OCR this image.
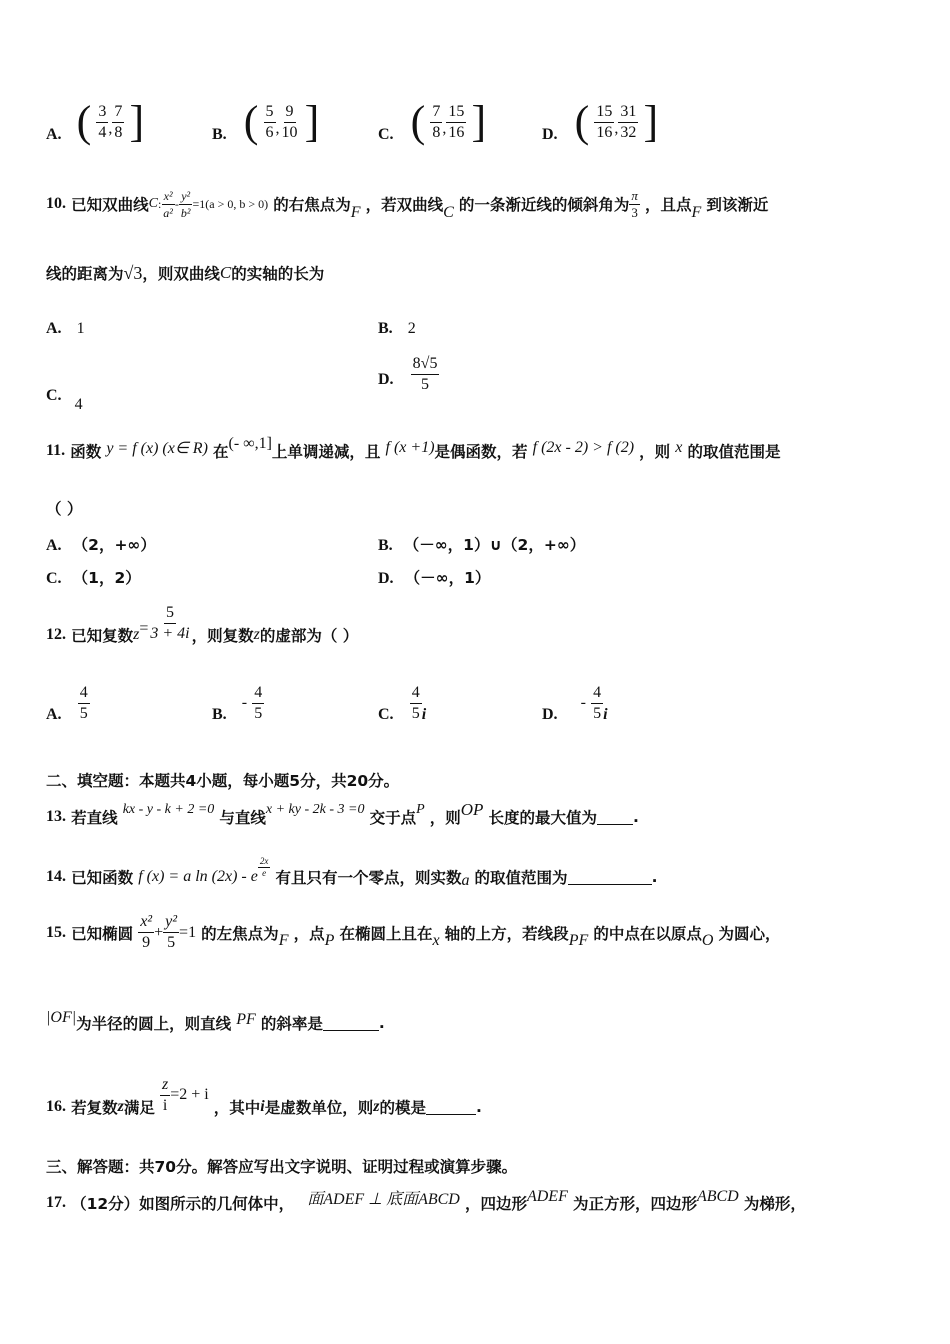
A. ( $\frac{3}{4}$ , $\frac{7}{8}$ ]	B. ( $\frac{5}{6}$ , $\frac{9}{10}$ ]	C. ( $\frac{7}{8}$ , $\frac{15}{16}$ ]	D. ( $\frac{15}{16}$ , $\frac{31}{32}$ ]
10. 已知双曲线C: $\frac{\text{x²}}{\text{a²}} - \frac{\text{y²}}{\text{b²}} =1(a > 0$, b > 0) 的右焦点为F ，若双曲线C 的一条渐近线的倾斜角为 $\frac{\pi}{3}$ ，且点F 到该渐近
线的距离为√3，则双曲线C的实轴的长为
A. 1	B. 2
C. 4
D. $\frac{8√5}{5}$
11. 函数 y = f (x) (x∈ R) 在(- ∞,1]上单调递减，且 f (x +1)是偶函数，若 f (2x - 2) > f (2) ，则 x 的取值范围是
（ ）
A. （2，+∞）	B. （－∞，1）∪（2，+∞）
C. （1，2）	D. （－∞，1）
12. 已知复数$z= \frac{5}{3 + 4i}$ ，则复数z的虚部为（ ）
A. $\frac{4}{5}$	B. - $\frac{4}{5}$	C. $\frac{4}{5}$ i	D. - $\frac{4}{5}$ i
二、填空题：本题共4小题，每小题5分，共20分。
13. 若直线 kx - y - k + 2 =0 与直线x + ky - 2k - 3 =0 交于点P ，则OP 长度的最大值为 .
14. 已知函数 f (x) = a ln (2x) - e $\frac{2x}{e}$ 有且只有一个零点，则实数a 的取值范围为	.
15. 已知椭圆 $\frac{\text{x²}}{9} + \frac{\text{y²}}{5} =1$ 的左焦点为F ，点P 在椭圆上且在x 轴的上方，若线段PF 的中点在以原点O 为圆心，
|OF|为半径的圆上，则直线 PF 的斜率是	.
16. 若复数z满足 $\frac{z}{i} =2 + i$ ，其中i是虚数单位，则z的模是	.
三、解答题：共70分。解答应写出文字说明、证明过程或演算步骤。
17. （12分）如图所示的几何体中， 面ADEF ⊥ 底面ABCD ，四边形ADEF 为正方形，四边形ABCD 为梯形，
